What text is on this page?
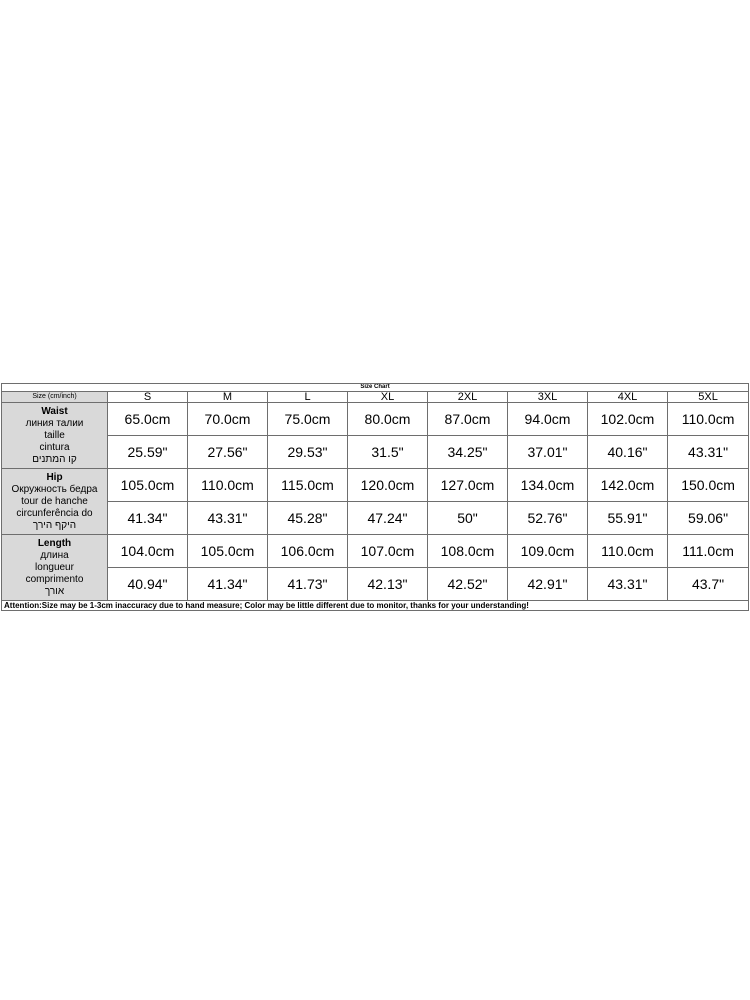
Size Chart								
Size (cm/inch)	S	M	L	XL	2XL	3XL	4XL	5XL

Waist
линия талии
taille
cintura
קו המתנים	65.0cm	70.0cm	75.0cm	80.0cm	87.0cm	94.0cm	102.0cm	110.0cm
	25.59"	27.56"	29.53"	31.5"	34.25"	37.01"	40.16"	43.31"

Hip
Окружность бедра
tour de hanche
circunferência do
היקף הירך	105.0cm	110.0cm	115.0cm	120.0cm	127.0cm	134.0cm	142.0cm	150.0cm
	41.34"	43.31"	45.28"	47.24"	50"	52.76"	55.91"	59.06"

Length
длина
longueur
comprimento
אורך	104.0cm	105.0cm	106.0cm	107.0cm	108.0cm	109.0cm	110.0cm	111.0cm
	40.94"	41.34"	41.73"	42.13"	42.52"	42.91"	43.31"	43.7"
Attention:Size may be 1-3cm inaccuracy due to hand measure; Color may be little different due to monitor, thanks for your understanding!								
